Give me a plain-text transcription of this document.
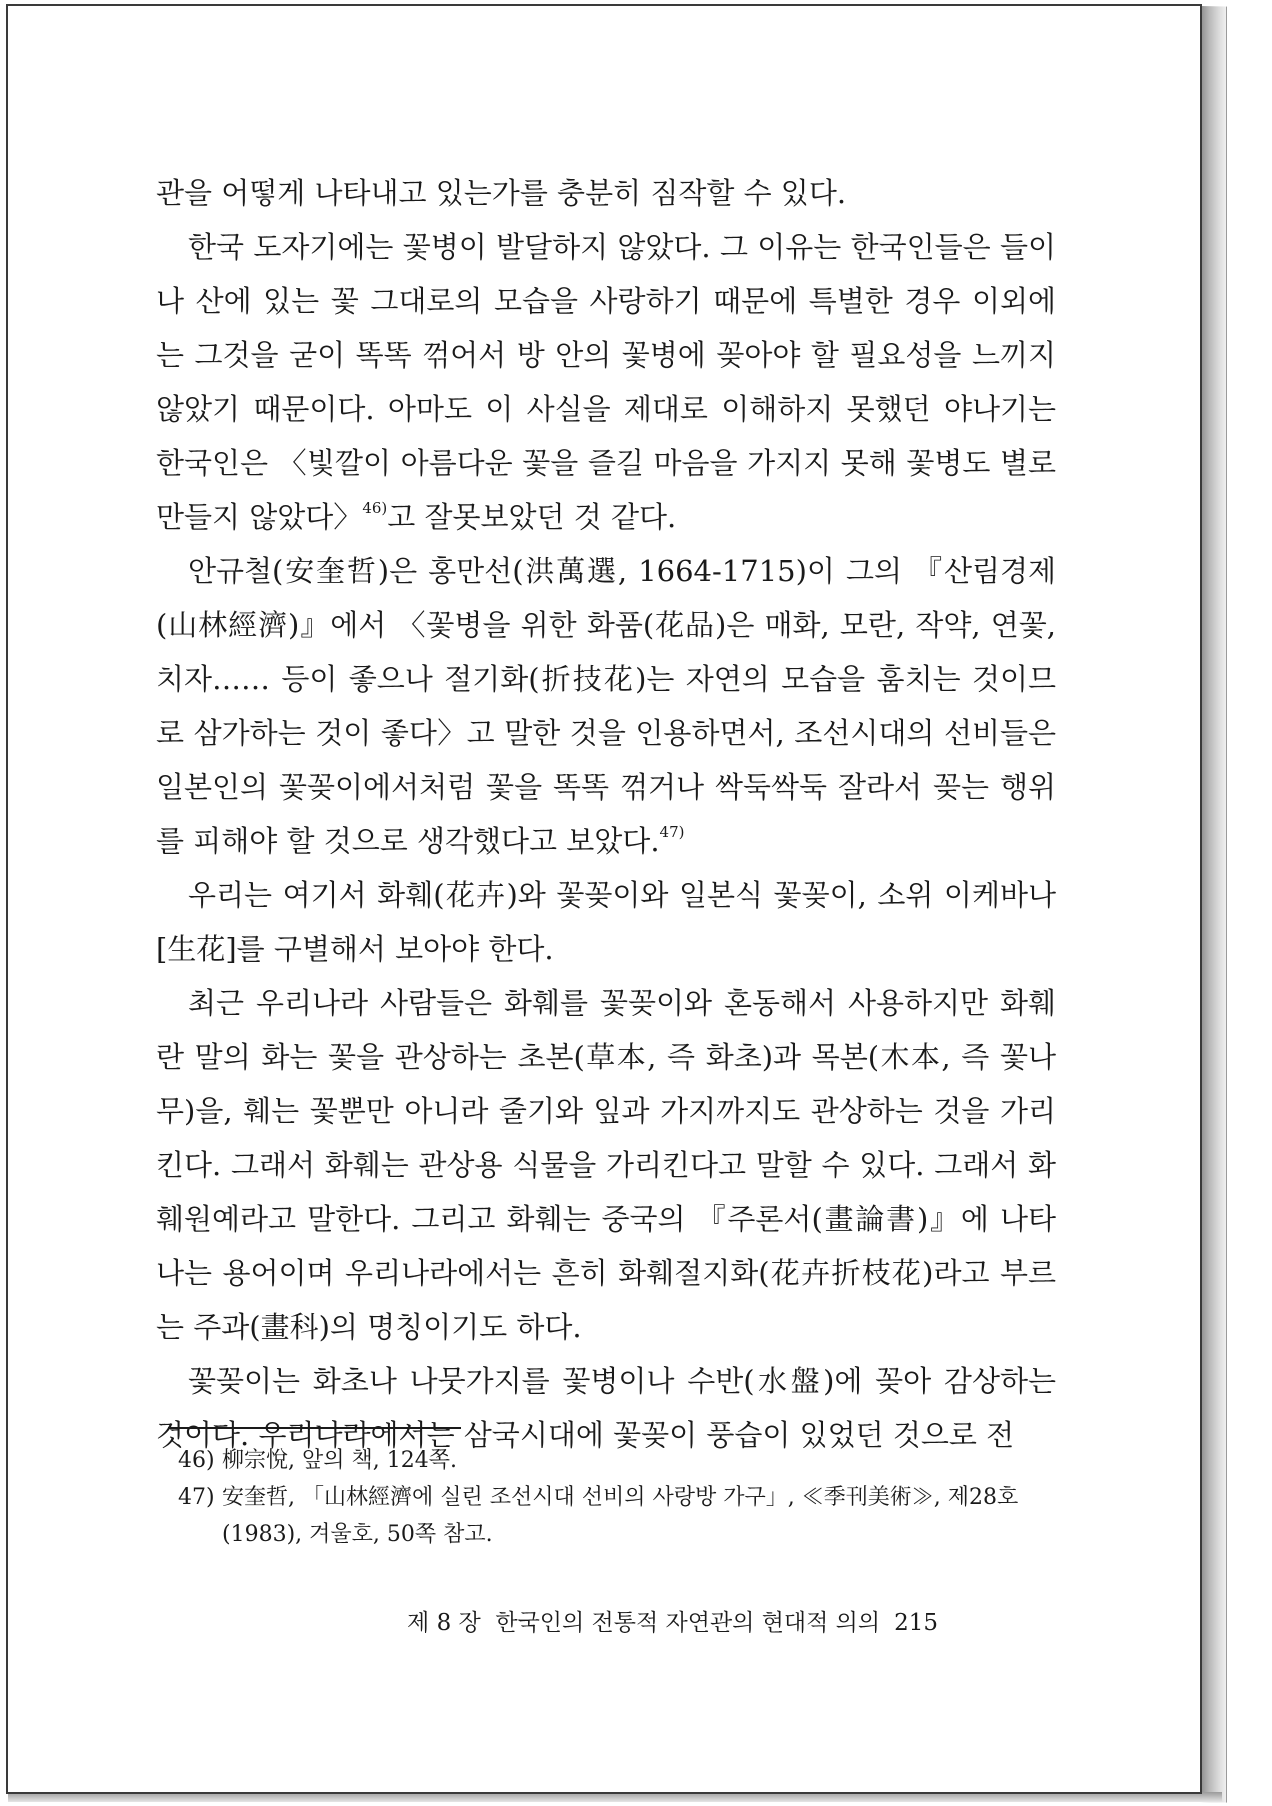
관을 어떻게 나타내고 있는가를 충분히 짐작할 수 있다.

한국 도자기에는 꽃병이 발달하지 않았다. 그 이유는 한국인들은 들이나 산에 있는 꽃 그대로의 모습을 사랑하기 때문에 특별한 경우 이외에는 그것을 굳이 똑똑 꺾어서 방 안의 꽃병에 꽂아야 할 필요성을 느끼지 않았기 때문이다. 아마도 이 사실을 제대로 이해하지 못했던 야나기는 한국인은 〈빛깔이 아름다운 꽃을 즐길 마음을 가지지 못해 꽃병도 별로 만들지 않았다〉$^{46)}$고 잘못보았던 것 같다.

안규철(安奎哲)은 홍만선(洪萬選, 1664-1715)이 그의 『산림경제(山林經濟)』에서 〈꽃병을 위한 화품(花品)은 매화, 모란, 작약, 연꽃, 치자…… 등이 좋으나 절기화(折技花)는 자연의 모습을 훔치는 것이므로 삼가하는 것이 좋다〉고 말한 것을 인용하면서, 조선시대의 선비들은 일본인의 꽃꽂이에서처럼 꽃을 똑똑 꺾거나 싹둑싹둑 잘라서 꽂는 행위를 피해야 할 것으로 생각했다고 보았다.$^{47)}$

우리는 여기서 화훼(花卉)와 꽃꽂이와 일본식 꽃꽂이, 소위 이케바나[生花]를 구별해서 보아야 한다.

최근 우리나라 사람들은 화훼를 꽃꽂이와 혼동해서 사용하지만 화훼란 말의 화는 꽃을 관상하는 초본(草本, 즉 화초)과 목본(木本, 즉 꽃나무)을, 훼는 꽃뿐만 아니라 줄기와 잎과 가지까지도 관상하는 것을 가리킨다. 그래서 화훼는 관상용 식물을 가리킨다고 말할 수 있다. 그래서 화훼원예라고 말한다. 그리고 화훼는 중국의 『주론서(畫論書)』에 나타나는 용어이며 우리나라에서는 흔히 화훼절지화(花卉折枝花)라고 부르는 주과(畫科)의 명칭이기도 하다.

꽃꽂이는 화초나 나뭇가지를 꽃병이나 수반(水盤)에 꽂아 감상하는 것이다. 우리나라에서는 삼국시대에 꽃꽂이 풍습이 있었던 것으로 전

46) 柳宗悅, 앞의 책, 124쪽.
47) 安奎哲, 「山林經濟에 실린 조선시대 선비의 사랑방 가구」, ≪季刊美術≫, 제28호(1983), 겨울호, 50쪽 참고.
제 8 장  한국인의 전통적 자연관의 현대적 의의 215
